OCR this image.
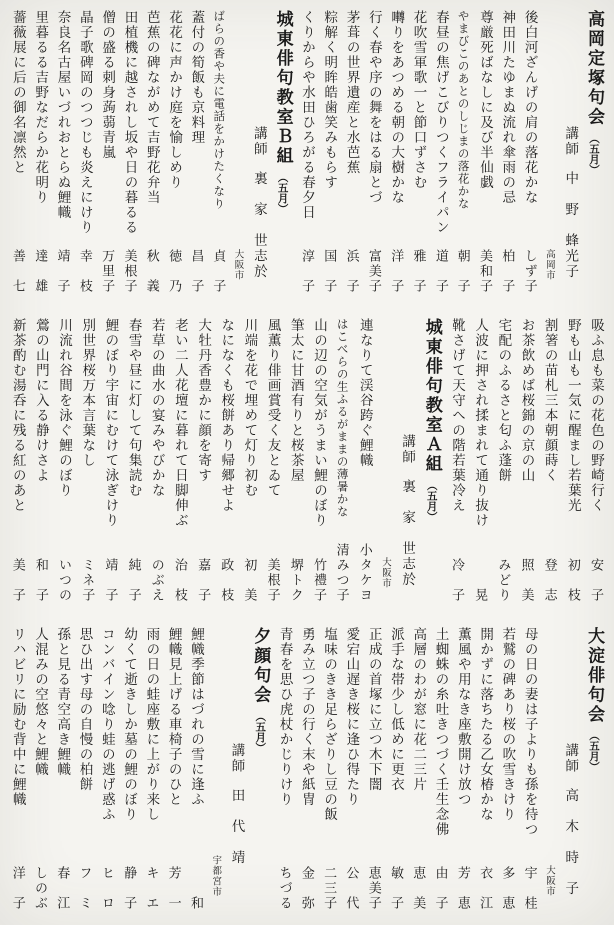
高岡定塚句会（五月）
講師中　野　蜂光子
高岡市
後白河ざんげの肩の落花かな
しず子
神田川たゆまぬ流れ傘雨の忌
柏　子
尊厳死ばなしに及び半仙戯
美和子
やまびこのあとのしじまの落花かな
朝　子
春昼の焦げこびりつくフライパン
道　子
花吹雪軍歌一と節口ずさむ
雅　子
囀りをあつめる朝の大樹かな
洋　子
行く春や序の舞をはる扇とづ
富美子
茅葺の世界遺産と水芭蕉
浜　子
粽解く明眸皓歯笑みもらす
国　子
くりからや水田ひろがる春夕日
淳　子
城東俳句教室Ｂ組（五月）
講師裏　家　世志於
大阪市
ばらの香や夫に電話をかけたくなり
貞　子
蓋付の筍飯も京料理
昌　子
花花に声かけ庭を愉しめり
徳　乃
芭蕉の碑ながめて吉野花弁当
秋　義
田植機に越されし坂や日の暮るる
美根子
僧の盛る刺身蒟蒻青嵐
万里子
晶子歌碑岡のつつじも炎えにけり
幸　枝
奈良名古屋いづれおとらぬ鯉幟
靖　子
里暮るる吉野なだらか花明り
達　雄
薔薇展に后の御名凛然と
善　七
吸ふ息も菜の花色の野崎行く
安　子
野も山も一気に醒まし若葉光
初　枝
割箸の苗札三本朝顔蒔く
登　志
お茶飲めば桜錦の京の山
照　美
宅配のふるさと匂ふ蓬餅
みどり
人波に押され揉まれて通り抜け
晃
靴さげて天守への階若葉冷え
冷　子
城東俳句教室Ａ組（五月）
講師裏　家　世志於
大阪市
連なりて渓谷跨ぐ鯉幟
小タケヨ
はこべらの生ふるがままの薄暑かな
清みつ子
山の辺の空気がうまい鯉のぼり
竹禮子
筆太に甘酒有りと桜茶屋
堺トク
風薫り俳画賞受く友とゐて
美根子
川端を花で埋めて灯り初む
初　美
なになくも桜餅あり帰郷せよ
政　枝
大牡丹香豊かに顔を寄す
嘉　子
老い二人花壇に暮れて日脚伸ぶ
治　枝
若草の曲水の宴みやびかな
のぶえ
春雪や昼に灯して句集読む
純　子
鯉のぼり宇宙にむけて泳ぎけり
靖　子
別世界桜万本言葉なし
ミネ子
川流れ谷間を泳ぐ鯉のぼり
いつの
鶯の山門に入る静けさよ
和　子
新茶酌む湯呑に残る紅のあと
美　子
大淀俳句会（五月）
講師高　木　時　子
大阪市
母の日の妻は子よりも孫を待つ
宇　桂
若鷲の碑あり桜の吹雪きけり
多　恵
開かずに落ちたる乙女椿かな
衣　江
薫風や用なき座敷開け放つ
芳　恵
土蜘蛛の糸吐きつづく壬生念佛
由　子
高層のわが窓に花二三片
恵　美
派手な帯少し低めに更衣
敏　子
正成の首塚に立つ木下闇
恵美子
愛宕山遅き桜に逢ひ得たり
公　代
塩味のきき足らざりし豆の飯
二三子
勇み立つ子の行く末や紙冑
金　弥
青春を思ひ虎杖かじりけり
ちづる
夕顔句会（五月）
講師田　代　靖
宇都宮市
鯉幟季節はづれの雪に逢ふ
和
鯉幟見上げる車椅子のひと
芳　一
雨の日の蛙座敷に上がり来し
キ　エ
幼くて逝きしか墓の鯉のぼり
静　子
コンバイン唸り蛙の逃げ惑ふ
ヒ　ロ
思ひ出す母の自慢の柏餅
フ　ミ
孫と見る青空高き鯉幟
春　江
人混みの空悠々と鯉幟
しのぶ
リハビリに励む背中に鯉幟
洋　子
